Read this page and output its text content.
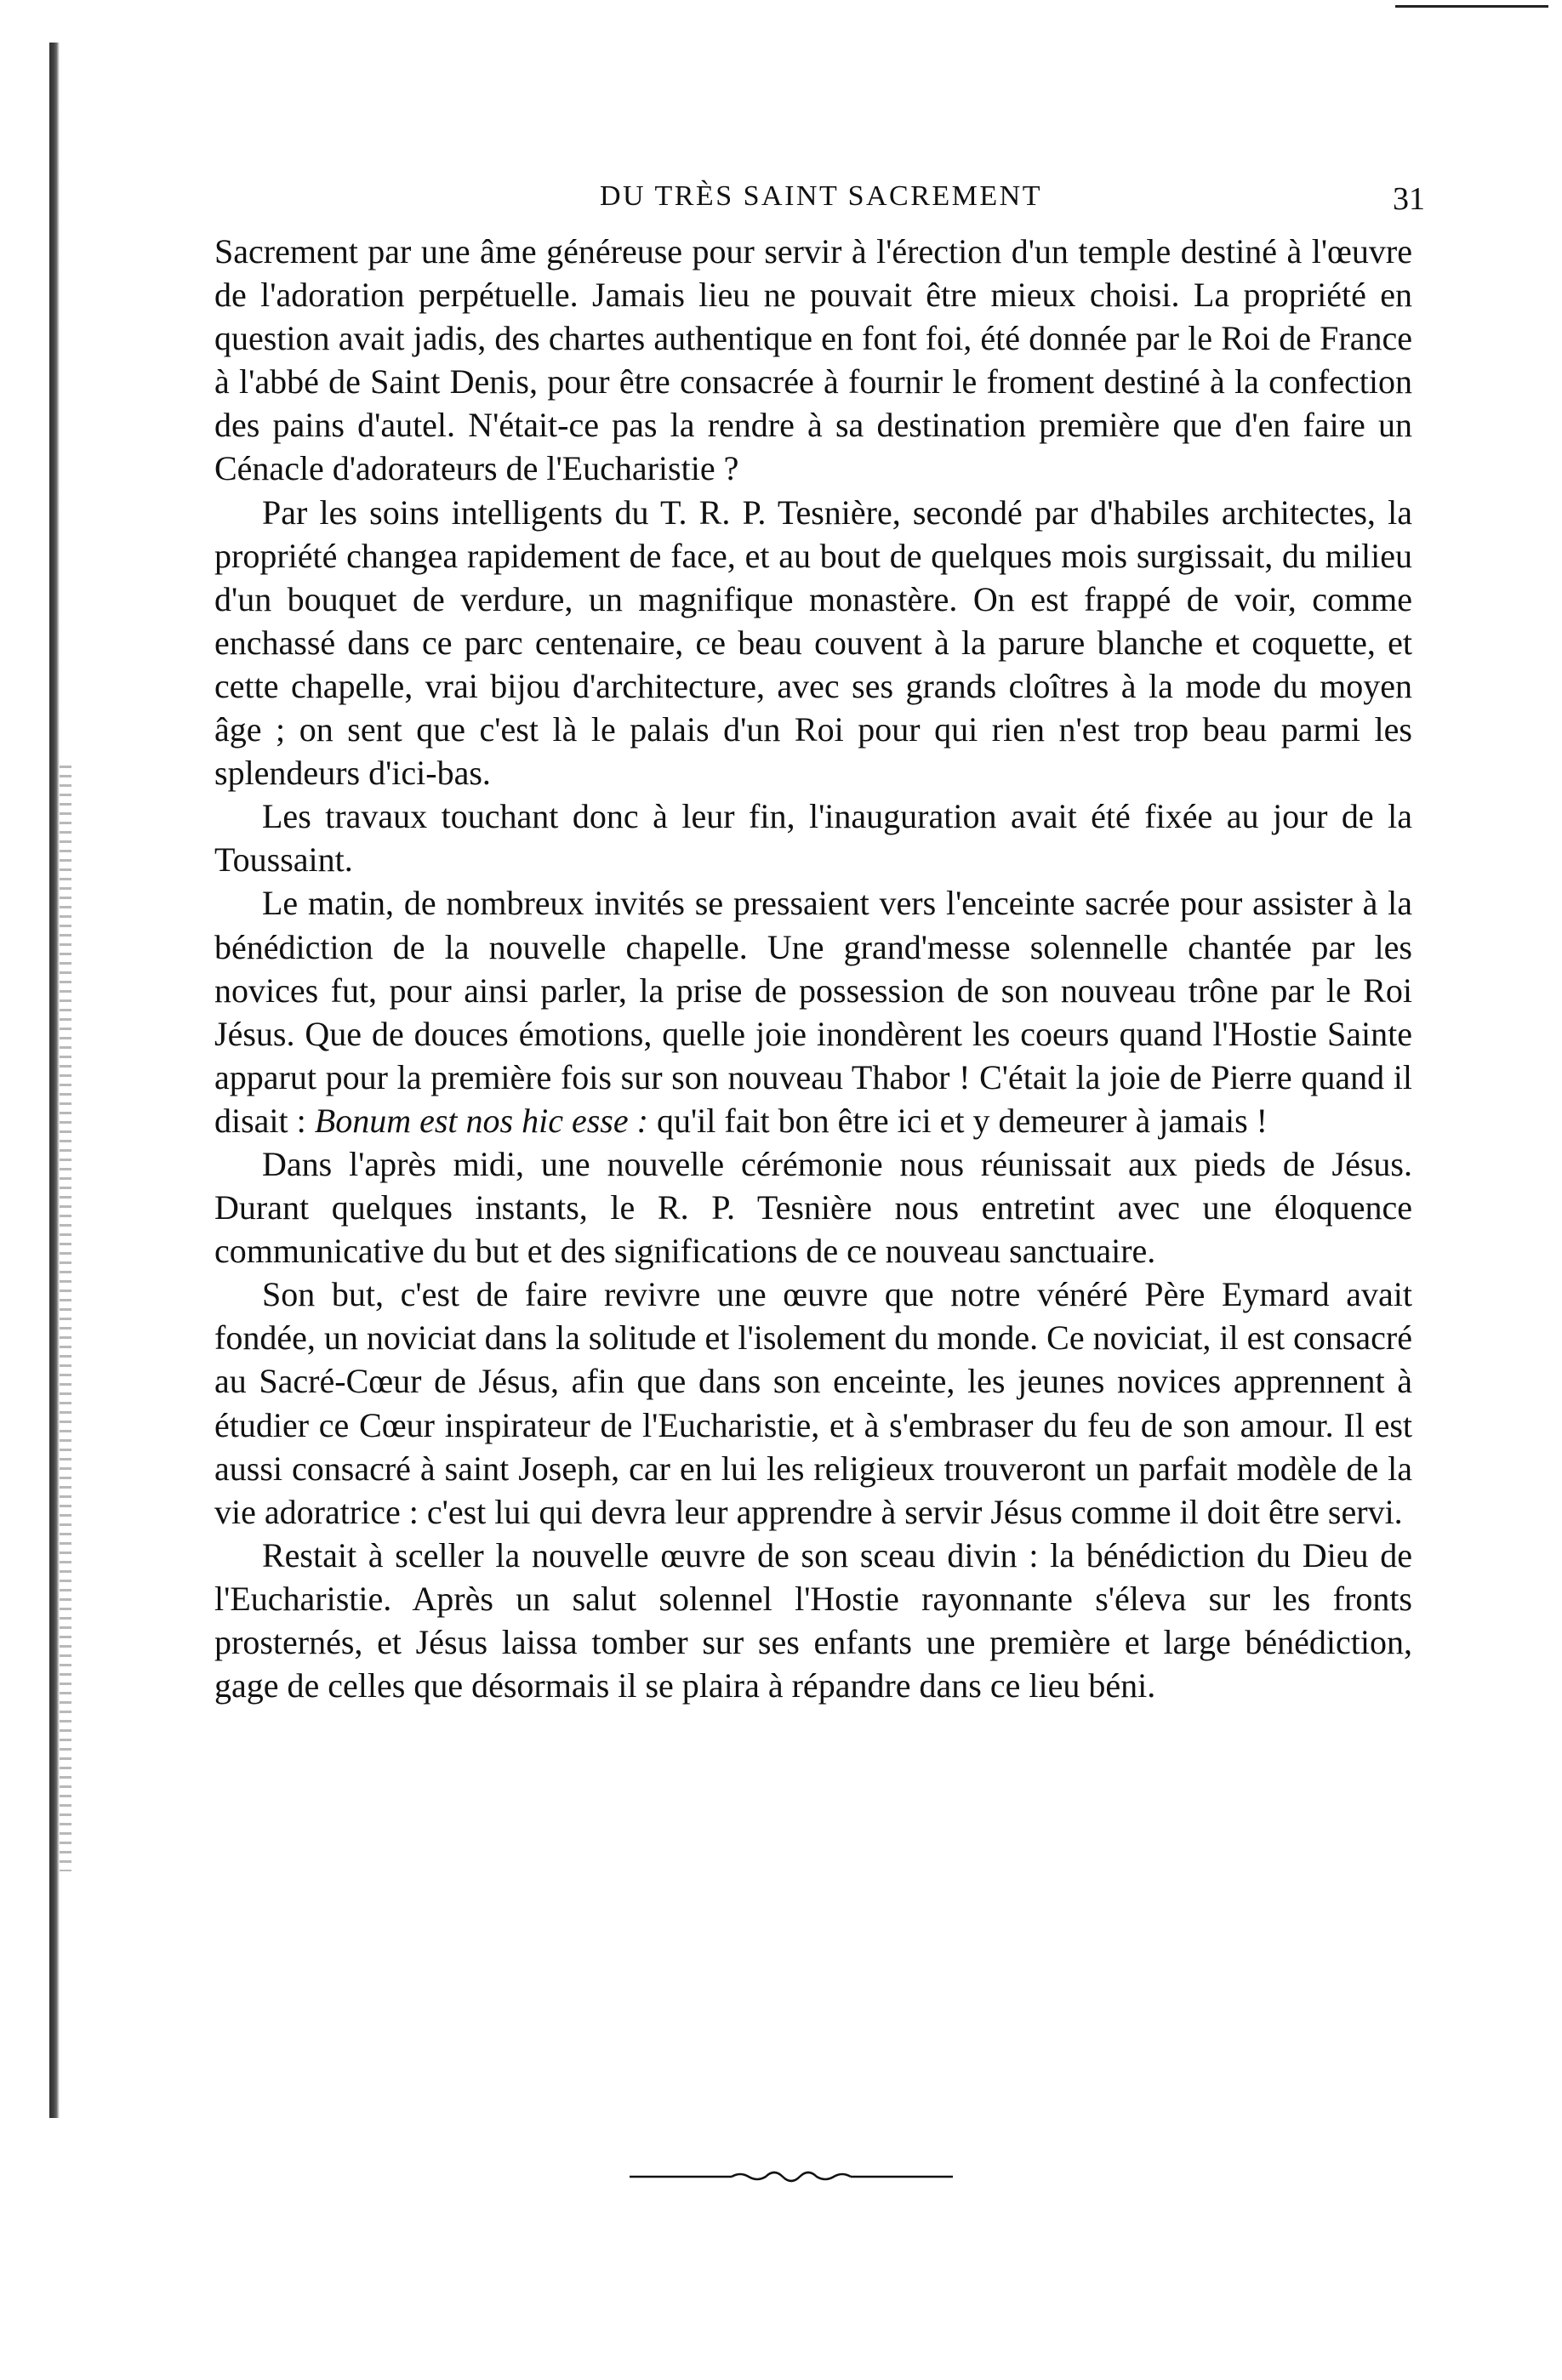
DU TRÈS SAINT SACREMENT	31

Sacrement par une âme généreuse pour servir à l'érection d'un temple destiné à l'œuvre de l'adoration perpétuelle. Jamais lieu ne pouvait être mieux choisi. La propriété en question avait jadis, des chartes authentique en font foi, été donnée par le Roi de France à l'abbé de Saint Denis, pour être consacrée à fournir le froment destiné à la confection des pains d'autel. N'était-ce pas la rendre à sa destination première que d'en faire un Cénacle d'adorateurs de l'Eucharistie ?

Par les soins intelligents du T. R. P. Tesnière, secondé par d'habiles architectes, la propriété changea rapidement de face, et au bout de quelques mois surgissait, du milieu d'un bouquet de verdure, un magnifique monastère. On est frappé de voir, comme enchassé dans ce parc centenaire, ce beau couvent à la parure blanche et coquette, et cette chapelle, vrai bijou d'architecture, avec ses grands cloîtres à la mode du moyen âge ; on sent que c'est là le palais d'un Roi pour qui rien n'est trop beau parmi les splendeurs d'ici-bas.

Les travaux touchant donc à leur fin, l'inauguration avait été fixée au jour de la Toussaint.

Le matin, de nombreux invités se pressaient vers l'enceinte sacrée pour assister à la bénédiction de la nouvelle chapelle. Une grand'messe solennelle chantée par les novices fut, pour ainsi parler, la prise de possession de son nouveau trône par le Roi Jésus. Que de douces émotions, quelle joie inondèrent les coeurs quand l'Hostie Sainte apparut pour la première fois sur son nouveau Thabor ! C'était la joie de Pierre quand il disait : Bonum est nos hic esse : qu'il fait bon être ici et y demeurer à jamais !

Dans l'après midi, une nouvelle cérémonie nous réunissait aux pieds de Jésus. Durant quelques instants, le R. P. Tesnière nous entretint avec une éloquence communicative du but et des significations de ce nouveau sanctuaire.

Son but, c'est de faire revivre une œuvre que notre vénéré Père Eymard avait fondée, un noviciat dans la solitude et l'isolement du monde. Ce noviciat, il est consacré au Sacré-Cœur de Jésus, afin que dans son enceinte, les jeunes novices apprennent à étudier ce Cœur inspirateur de l'Eucharistie, et à s'embraser du feu de son amour. Il est aussi consacré à saint Joseph, car en lui les religieux trouveront un parfait modèle de la vie adoratrice : c'est lui qui devra leur apprendre à servir Jésus comme il doit être servi.

Restait à sceller la nouvelle œuvre de son sceau divin : la bénédiction du Dieu de l'Eucharistie. Après un salut solennel l'Hostie rayonnante s'éleva sur les fronts prosternés, et Jésus laissa tomber sur ses enfants une première et large bénédiction, gage de celles que désormais il se plaira à répandre dans ce lieu béni.
